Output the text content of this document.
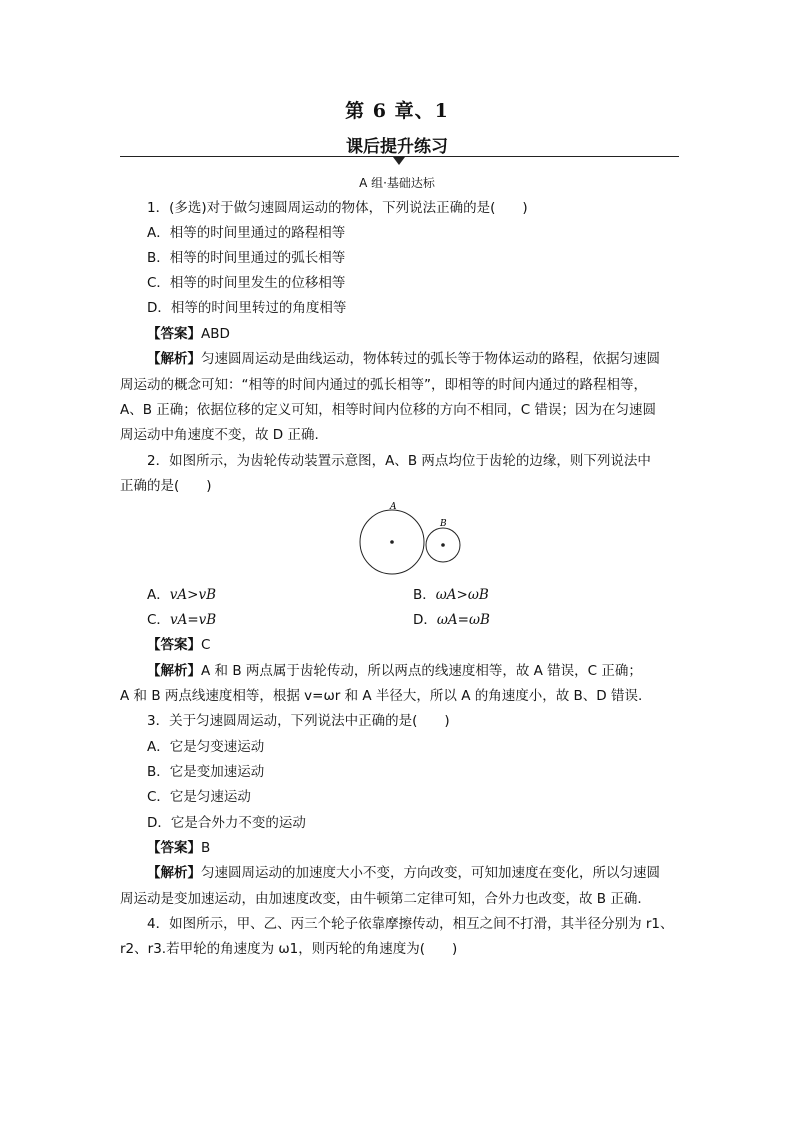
第 6 章、1
课后提升练习
A 组·基础达标
1．(多选)对于做匀速圆周运动的物体，下列说法正确的是(　　)
A．相等的时间里通过的路程相等
B．相等的时间里通过的弧长相等
C．相等的时间里发生的位移相等
D．相等的时间里转过的角度相等
【答案】ABD
【解析】匀速圆周运动是曲线运动，物体转过的弧长等于物体运动的路程，依据匀速圆
周运动的概念可知：“相等的时间内通过的弧长相等”，即相等的时间内通过的路程相等，
A、B 正确；依据位移的定义可知，相等时间内位移的方向不相同，C 错误；因为在匀速圆
周运动中角速度不变，故 D 正确.
2．如图所示，为齿轮传动装置示意图，A、B 两点均位于齿轮的边缘，则下列说法中
正确的是(　　)
A
B
A．vA>vB	B．ωA>ωB
C．vA=vB	D．ωA=ωB
【答案】C
【解析】A 和 B 两点属于齿轮传动，所以两点的线速度相等，故 A 错误，C 正确；
A 和 B 两点线速度相等，根据 v=ωr 和 A 半径大，所以 A 的角速度小，故 B、D 错误.
3．关于匀速圆周运动，下列说法中正确的是(　　)
A．它是匀变速运动
B．它是变加速运动
C．它是匀速运动
D．它是合外力不变的运动
【答案】B
【解析】匀速圆周运动的加速度大小不变，方向改变，可知加速度在变化，所以匀速圆
周运动是变加速运动，由加速度改变，由牛顿第二定律可知，合外力也改变，故 B 正确.
4．如图所示，甲、乙、丙三个轮子依靠摩擦传动，相互之间不打滑，其半径分别为 r1、
r2、r3.若甲轮的角速度为 ω1，则丙轮的角速度为(　　)
